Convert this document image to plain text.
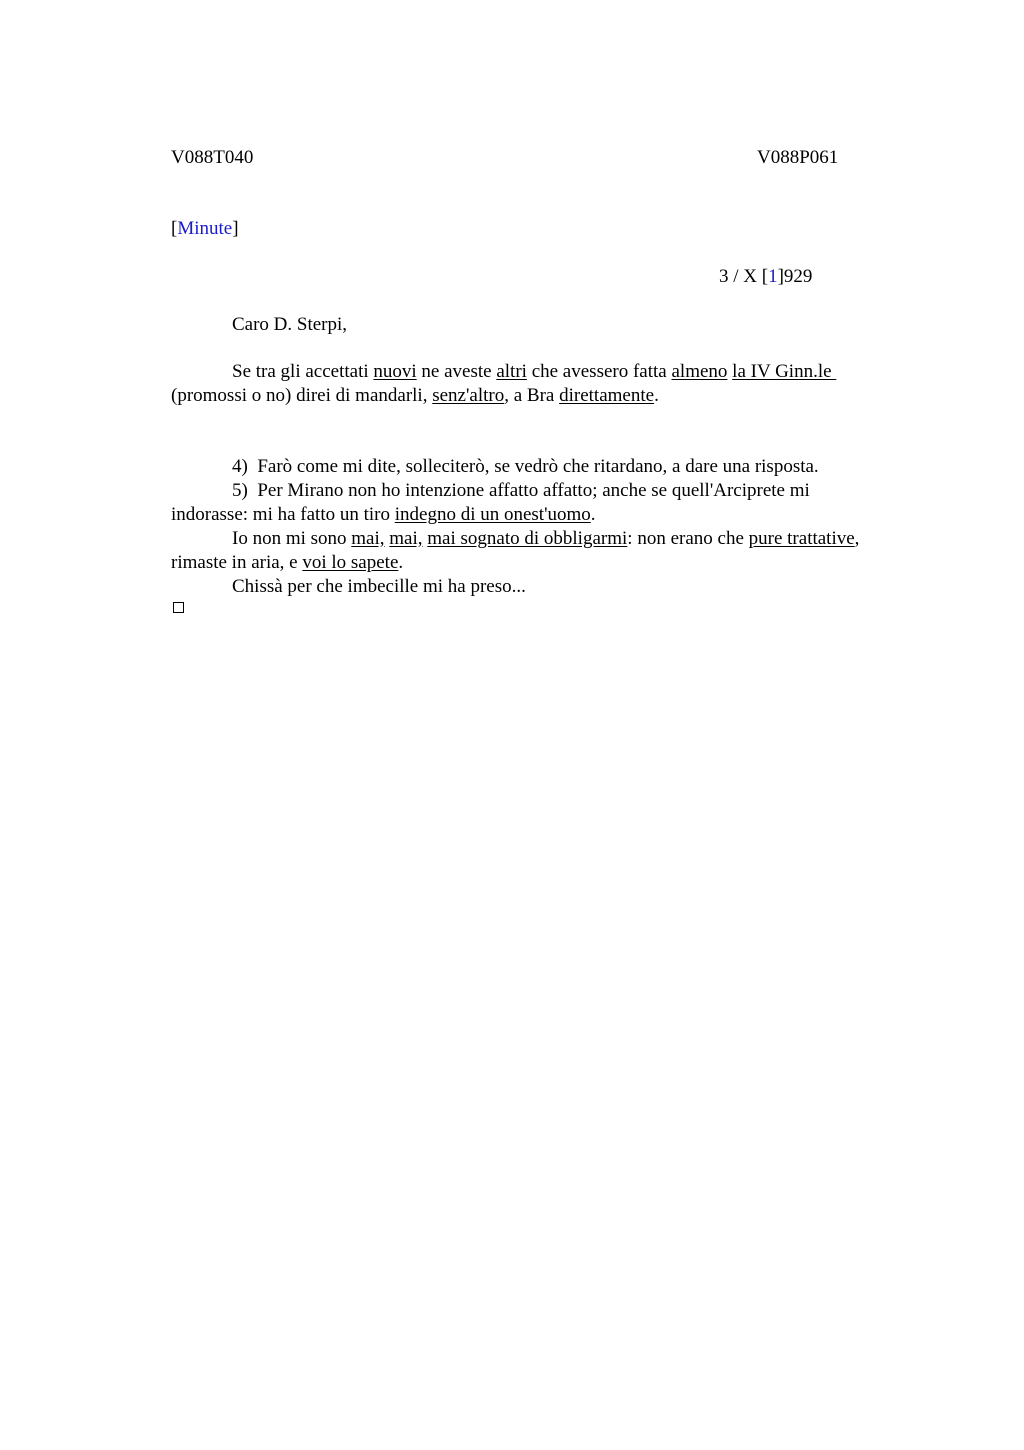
V088T040	V088P061
[Minute]
3 / X [1]929
Caro D. Sterpi,
Se tra gli accettati nuovi ne aveste altri che avessero fatta almeno la IV Ginn.le
(promossi o no) direi di mandarli, senz'altro, a Bra direttamente.
4)  Farò come mi dite, solleciterò, se vedrò che ritardano, a dare una risposta.
5)  Per Mirano non ho intenzione affatto affatto; anche se quell'Arciprete mi
indorasse: mi ha fatto un tiro indegno di un onest'uomo.
Io non mi sono mai, mai, mai sognato di obbligarmi: non erano che pure trattative,
rimaste in aria, e voi lo sapete.
Chissà per che imbecille mi ha preso...
